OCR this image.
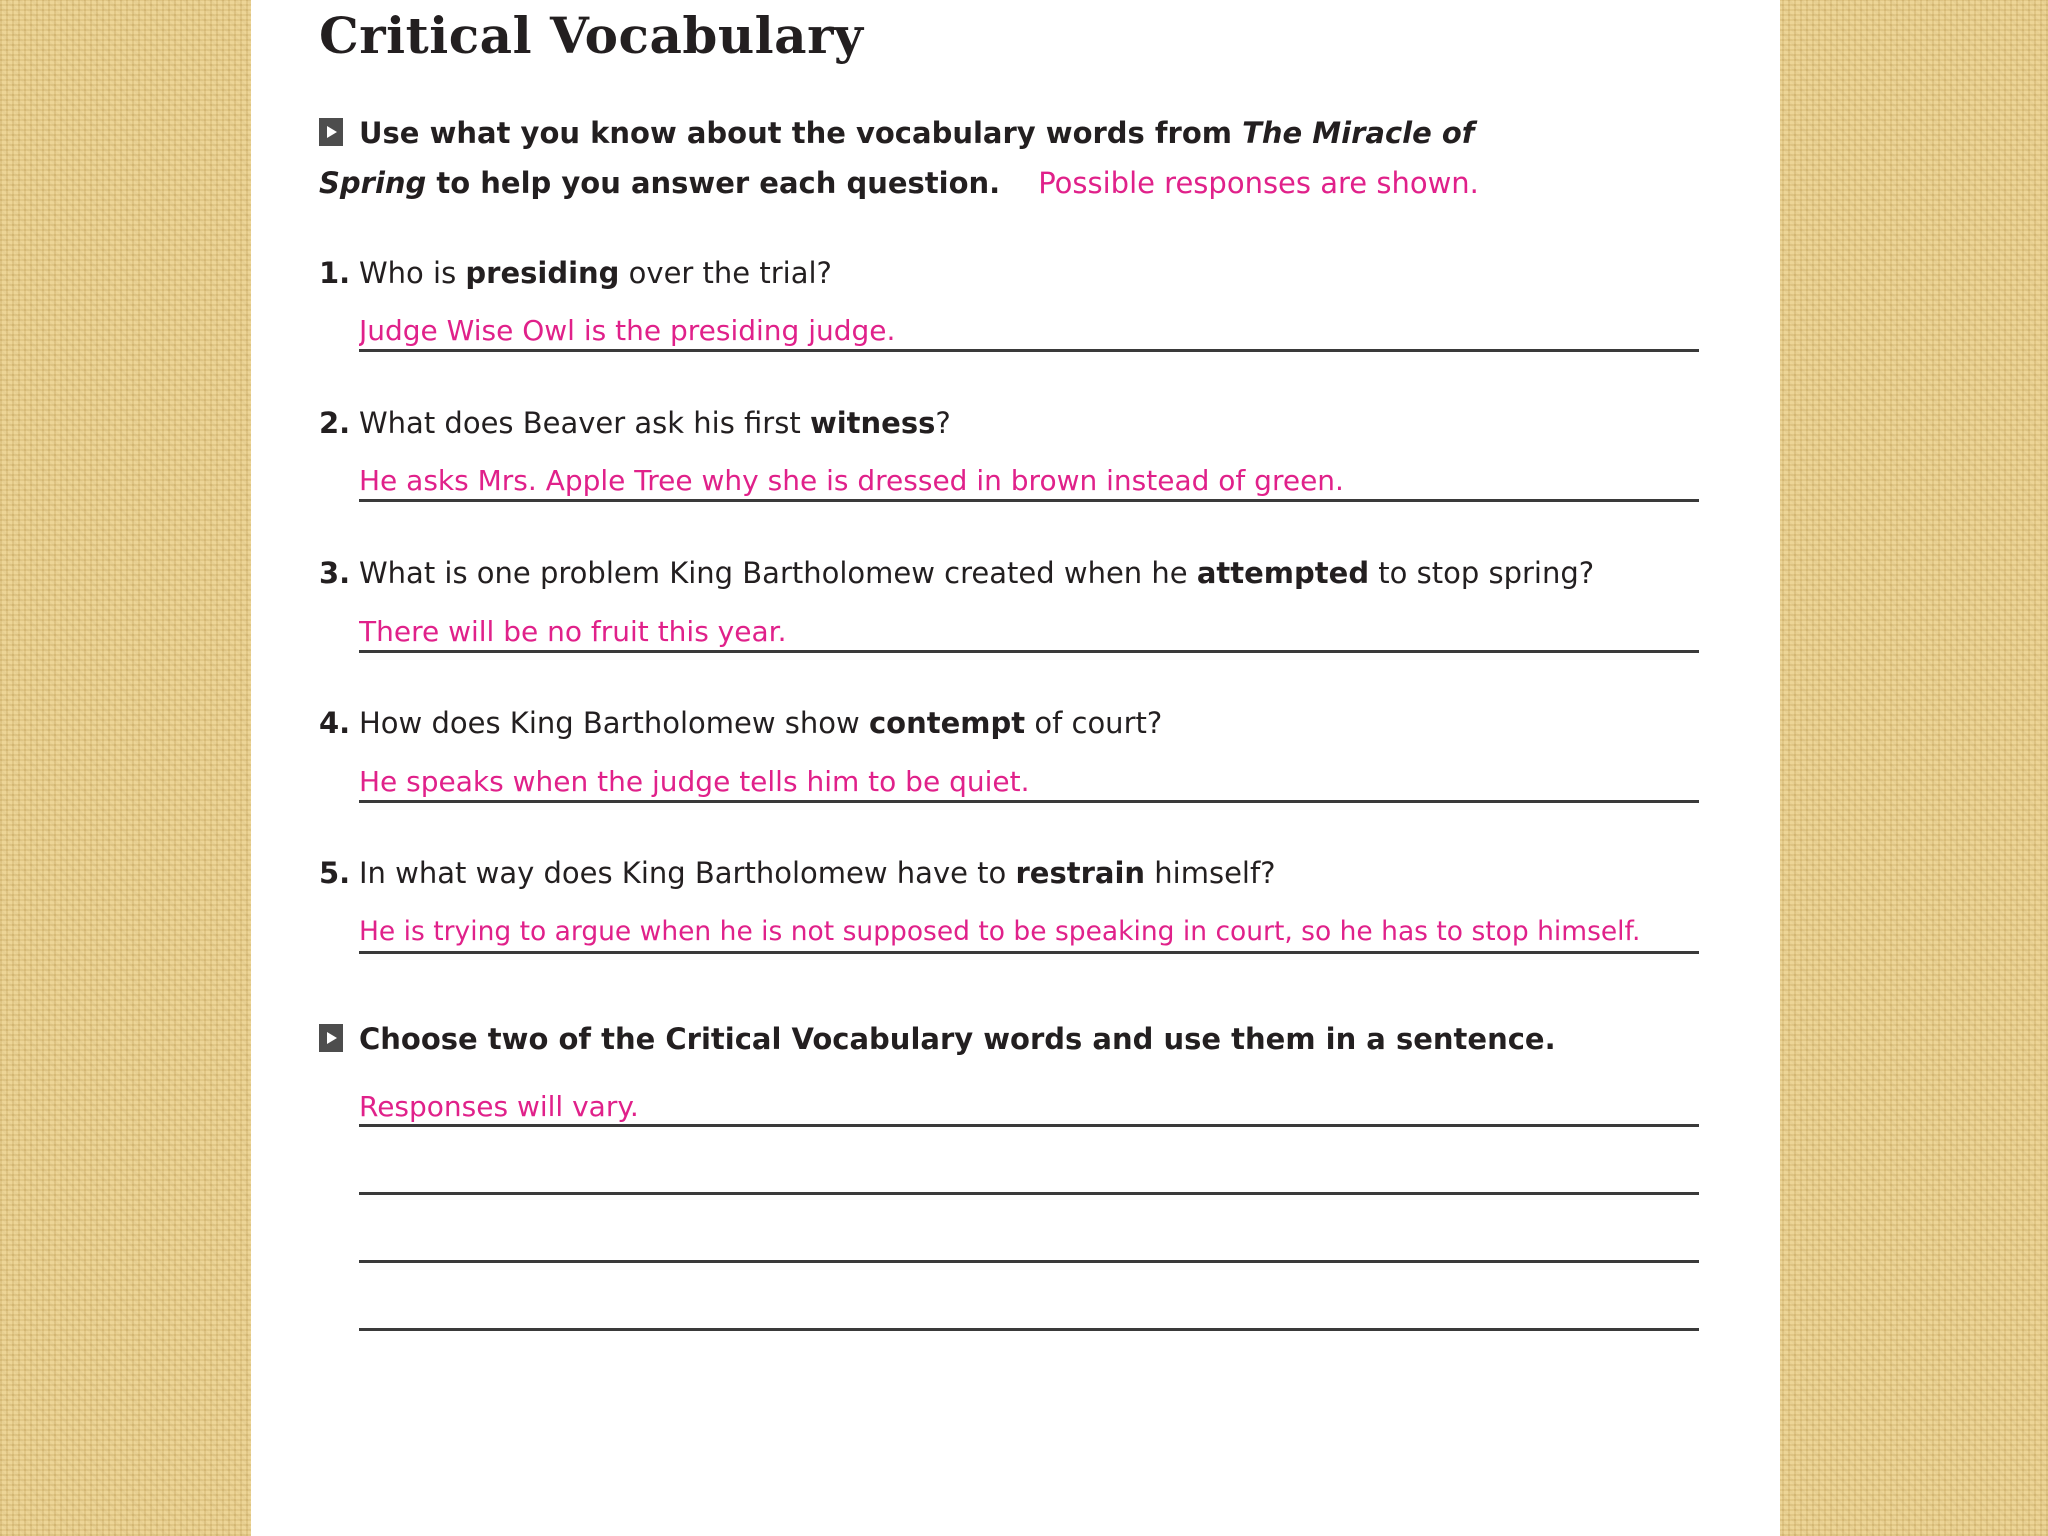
Critical Vocabulary
Use what you know about the vocabulary words from The Miracle of Spring to help you answer each question. Possible responses are shown.
1. Who is presiding over the trial?
Judge Wise Owl is the presiding judge.
2. What does Beaver ask his first witness?
He asks Mrs. Apple Tree why she is dressed in brown instead of green.
3. What is one problem King Bartholomew created when he attempted to stop spring?
There will be no fruit this year.
4. How does King Bartholomew show contempt of court?
He speaks when the judge tells him to be quiet.
5. In what way does King Bartholomew have to restrain himself?
He is trying to argue when he is not supposed to be speaking in court, so he has to stop himself.
Choose two of the Critical Vocabulary words and use them in a sentence.
Responses will vary.
